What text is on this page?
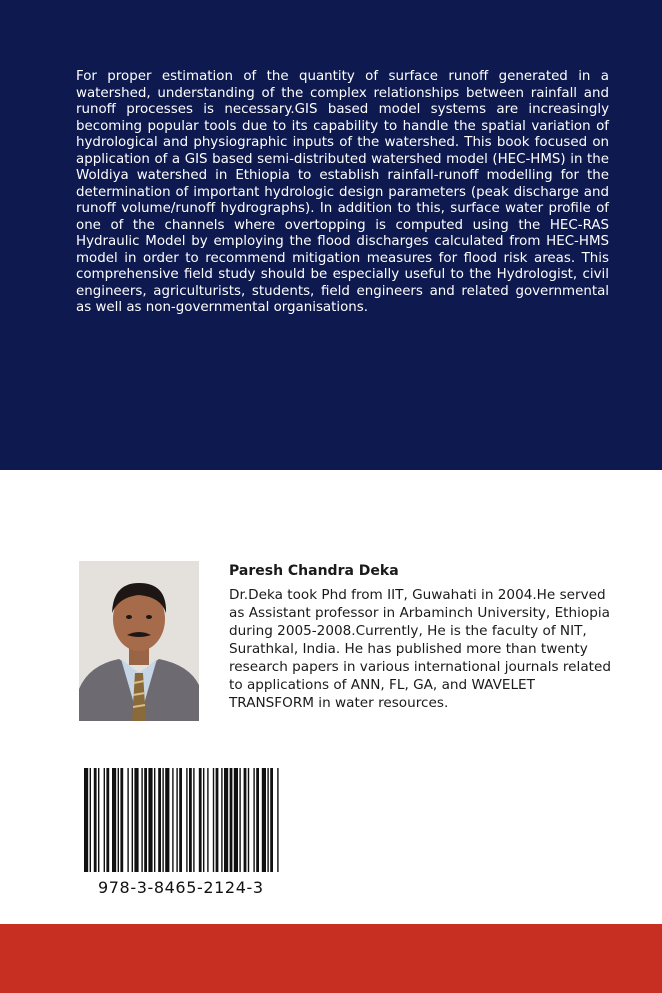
For proper estimation of the quantity of surface runoff generated in a watershed, understanding of the complex relationships between rainfall and runoff processes is necessary.GIS based model systems are increasingly becoming popular tools due to its capability to handle the spatial variation of hydrological and physiographic inputs of the watershed. This book focused on application of a GIS based semi-distributed watershed model (HEC-HMS) in the Woldiya watershed in Ethiopia to establish rainfall-runoff modelling for the determination of important hydrologic design parameters (peak discharge and runoff volume/runoff hydrographs). In addition to this, surface water profile of one of the channels where overtopping is computed using the HEC-RAS Hydraulic Model by employing the flood discharges calculated from HEC-HMS model in order to recommend mitigation measures for flood risk areas. This comprehensive field study should be especially useful to the Hydrologist, civil engineers, agriculturists, students, field engineers and related governmental as well as non-governmental organisations.

Paresh Chandra Deka

Dr.Deka took Phd from IIT, Guwahati in 2004.He served as Assistant professor in Arbaminch University, Ethiopia during 2005-2008.Currently, He is the faculty of NIT, Surathkal, India. He has published more than twenty research papers in various international journals related to applications of ANN, FL, GA, and WAVELET TRANSFORM in water resources.

978-3-8465-2124-3
